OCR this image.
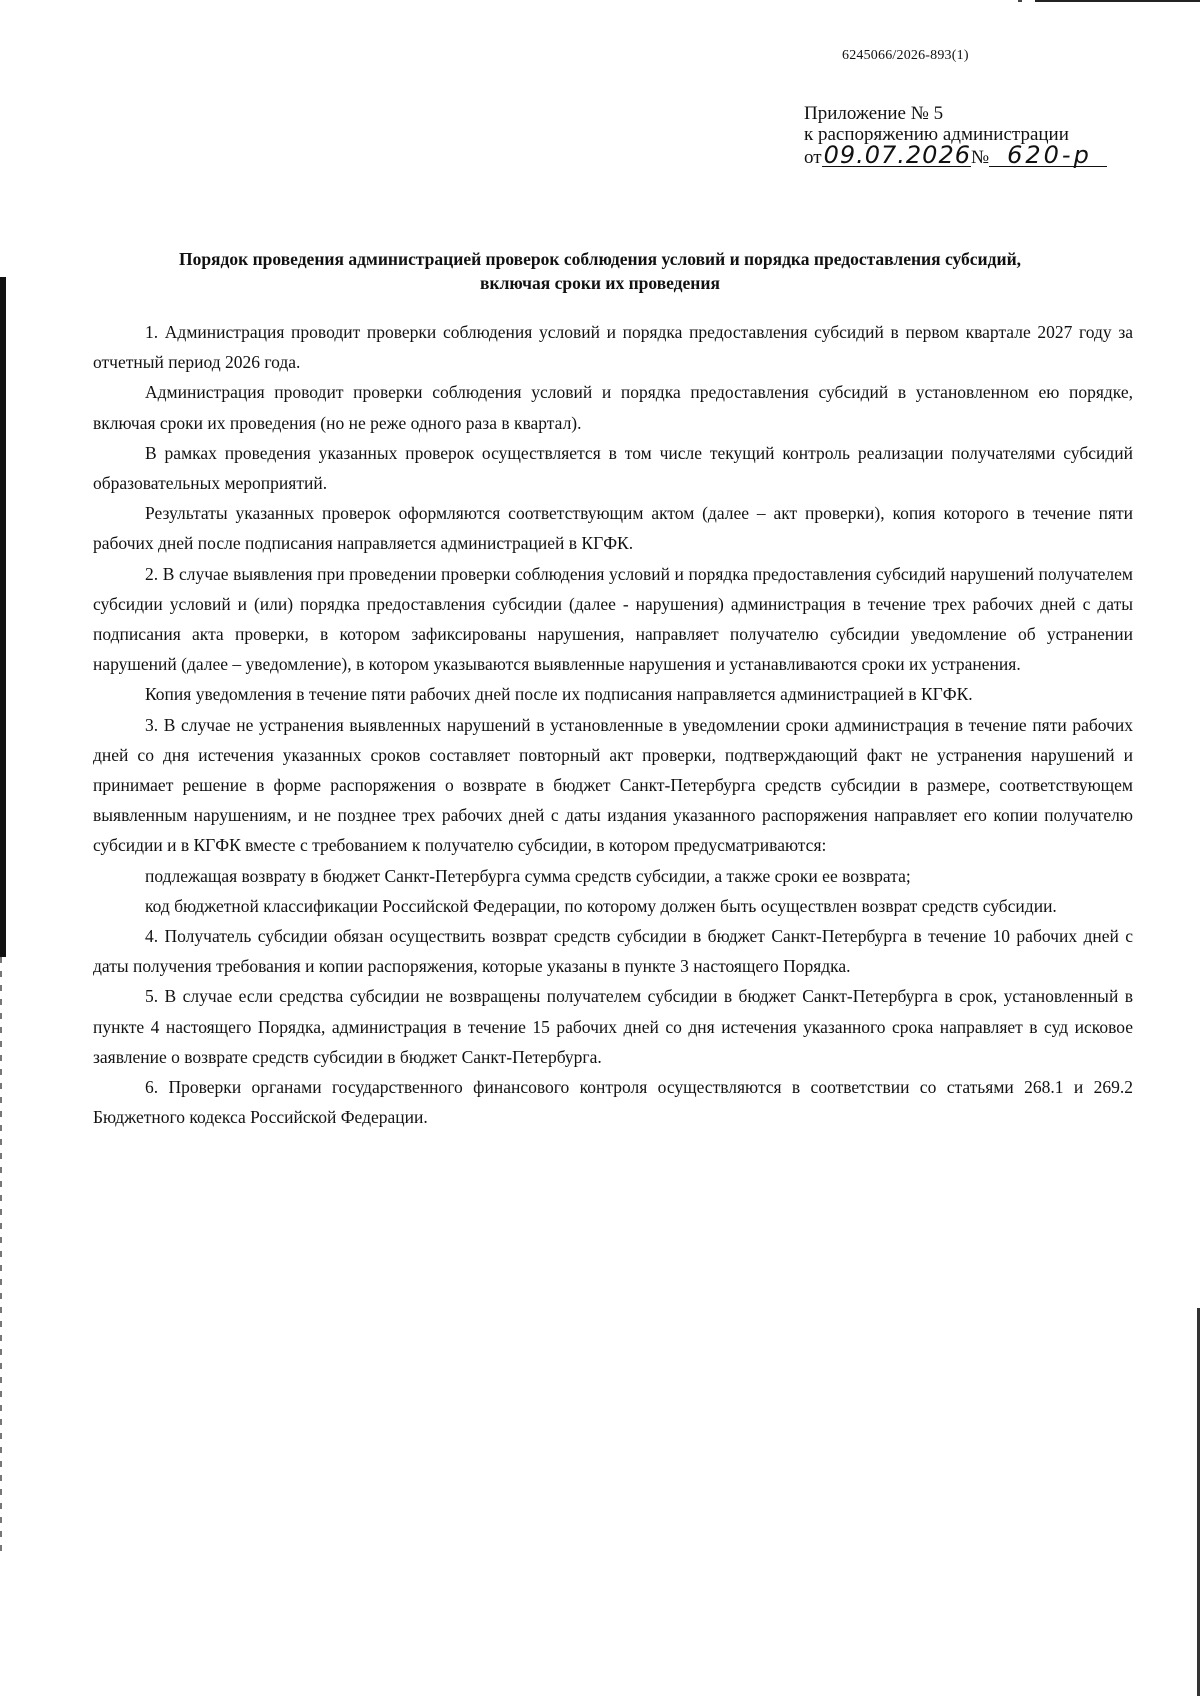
6245066/2026-893(1)
Приложение № 5
к распоряжению администрации
от09.07.2026№ 620-р
Порядок проведения администрацией проверок соблюдения условий и порядка предоставления субсидий,
включая сроки их проведения

1. Администрация проводит проверки соблюдения условий и порядка предоставления субсидий в первом квартале 2027 году за отчетный период 2026 года.

Администрация проводит проверки соблюдения условий и порядка предоставления субсидий в установленном ею порядке, включая сроки их проведения (но не реже одного раза в квартал).

В рамках проведения указанных проверок осуществляется в том числе текущий контроль реализации получателями субсидий образовательных мероприятий.

Результаты указанных проверок оформляются соответствующим актом (далее – акт проверки), копия которого в течение пяти рабочих дней после подписания направляется администрацией в КГФК.

2. В случае выявления при проведении проверки соблюдения условий и порядка предоставления субсидий нарушений получателем субсидии условий и (или) порядка предоставления субсидии (далее - нарушения) администрация в течение трех рабочих дней с даты подписания акта проверки, в котором зафиксированы нарушения, направляет получателю субсидии уведомление об устранении нарушений (далее – уведомление), в котором указываются выявленные нарушения и устанавливаются сроки их устранения.

Копия уведомления в течение пяти рабочих дней после их подписания направляется администрацией в КГФК.

3. В случае не устранения выявленных нарушений в установленные в уведомлении сроки администрация в течение пяти рабочих дней со дня истечения указанных сроков составляет повторный акт проверки, подтверждающий факт не устранения нарушений и принимает решение в форме распоряжения о возврате в бюджет Санкт-Петербурга средств субсидии в размере, соответствующем выявленным нарушениям, и не позднее трех рабочих дней с даты издания указанного распоряжения направляет его копии получателю субсидии и в КГФК вместе с требованием к получателю субсидии, в котором предусматриваются:

подлежащая возврату в бюджет Санкт-Петербурга сумма средств субсидии, а также сроки ее возврата;

код бюджетной классификации Российской Федерации, по которому должен быть осуществлен возврат средств субсидии.

4. Получатель субсидии обязан осуществить возврат средств субсидии в бюджет Санкт-Петербурга в течение 10 рабочих дней с даты получения требования и копии распоряжения, которые указаны в пункте 3 настоящего Порядка.

5. В случае если средства субсидии не возвращены получателем субсидии в бюджет Санкт-Петербурга в срок, установленный в пункте 4 настоящего Порядка, администрация в течение 15 рабочих дней со дня истечения указанного срока направляет в суд исковое заявление о возврате средств субсидии в бюджет Санкт-Петербурга.

6. Проверки органами государственного финансового контроля осуществляются в соответствии со статьями 268.1 и 269.2 Бюджетного кодекса Российской Федерации.
